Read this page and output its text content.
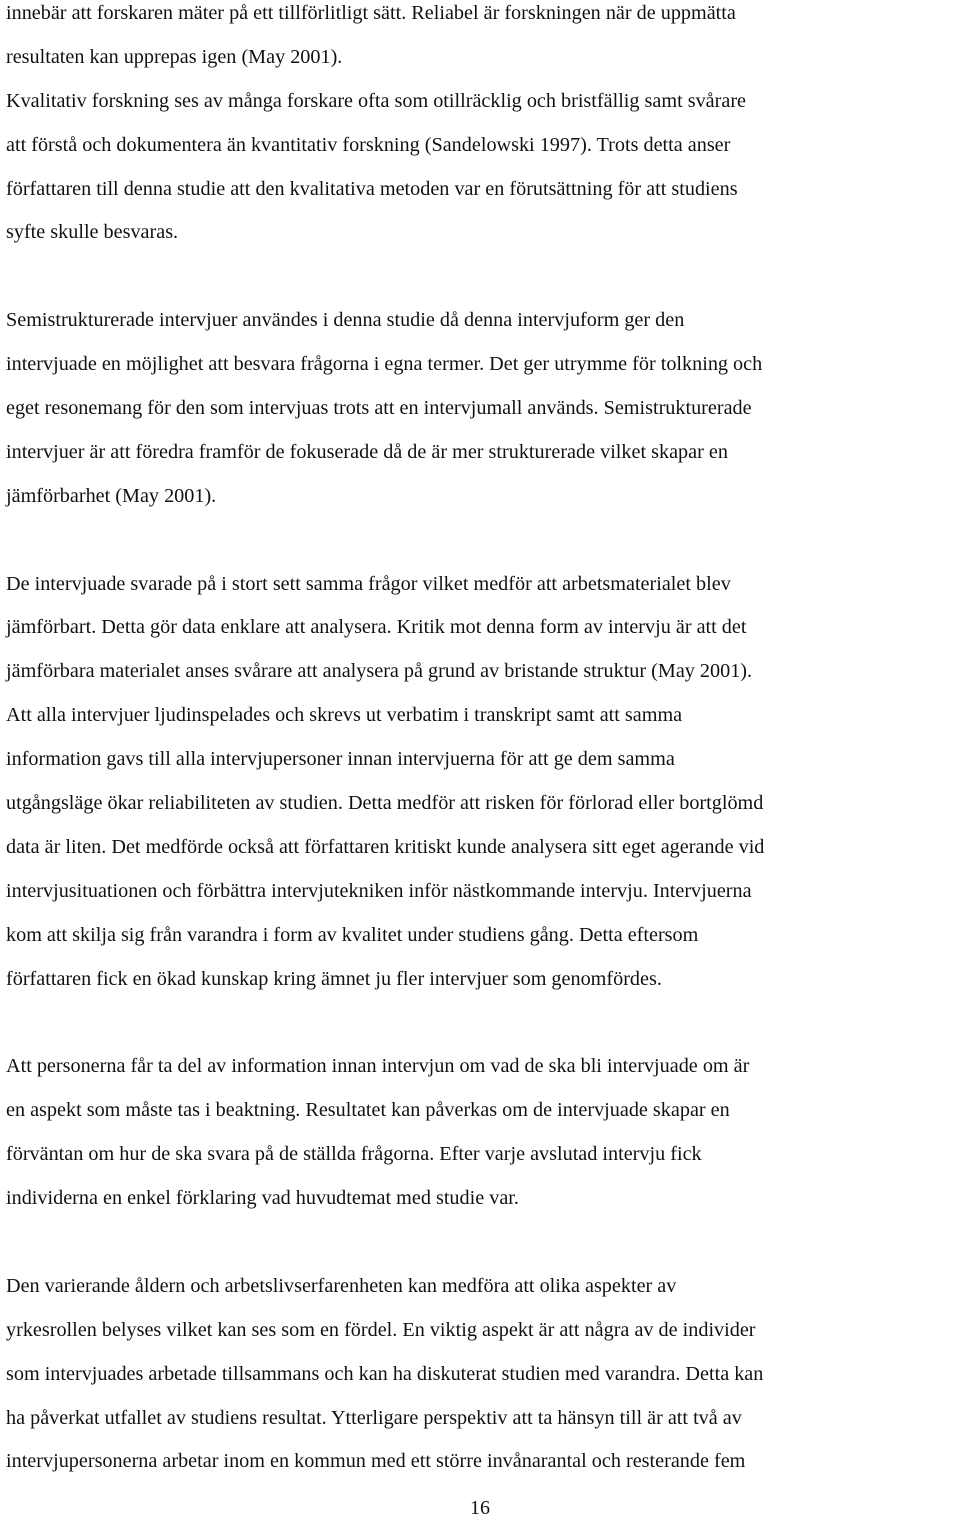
innebär att forskaren mäter på ett tillförlitligt sätt. Reliabel är forskningen när de uppmätta
resultaten kan upprepas igen (May 2001).
Kvalitativ forskning ses av många forskare ofta som otillräcklig och bristfällig samt svårare
att förstå och dokumentera än kvantitativ forskning (Sandelowski 1997). Trots detta anser
författaren till denna studie att den kvalitativa metoden var en förutsättning för att studiens
syfte skulle besvaras.

Semistrukturerade intervjuer användes i denna studie då denna intervjuform ger den
intervjuade en möjlighet att besvara frågorna i egna termer. Det ger utrymme för tolkning och
eget resonemang för den som intervjuas trots att en intervjumall används. Semistrukturerade
intervjuer är att föredra framför de fokuserade då de är mer strukturerade vilket skapar en
jämförbarhet (May 2001).

De intervjuade svarade på i stort sett samma frågor vilket medför att arbetsmaterialet blev
jämförbart. Detta gör data enklare att analysera. Kritik mot denna form av intervju är att det
jämförbara materialet anses svårare att analysera på grund av bristande struktur (May 2001).
Att alla intervjuer ljudinspelades och skrevs ut verbatim i transkript samt att samma
information gavs till alla intervjupersoner innan intervjuerna för att ge dem samma
utgångsläge ökar reliabiliteten av studien. Detta medför att risken för förlorad eller bortglömd
data är liten. Det medförde också att författaren kritiskt kunde analysera sitt eget agerande vid
intervjusituationen och förbättra intervjutekniken inför nästkommande intervju. Intervjuerna
kom att skilja sig från varandra i form av kvalitet under studiens gång. Detta eftersom
författaren fick en ökad kunskap kring ämnet ju fler intervjuer som genomfördes.

Att personerna får ta del av information innan intervjun om vad de ska bli intervjuade om är
en aspekt som måste tas i beaktning. Resultatet kan påverkas om de intervjuade skapar en
förväntan om hur de ska svara på de ställda frågorna. Efter varje avslutad intervju fick
individerna en enkel förklaring vad huvudtemat med studie var.

Den varierande åldern och arbetslivserfarenheten kan medföra att olika aspekter av
yrkesrollen belyses vilket kan ses som en fördel. En viktig aspekt är att några av de individer
som intervjuades arbetade tillsammans och kan ha diskuterat studien med varandra. Detta kan
ha påverkat utfallet av studiens resultat. Ytterligare perspektiv att ta hänsyn till är att två av
intervjupersonerna arbetar inom en kommun med ett större invånarantal och resterande fem

16
